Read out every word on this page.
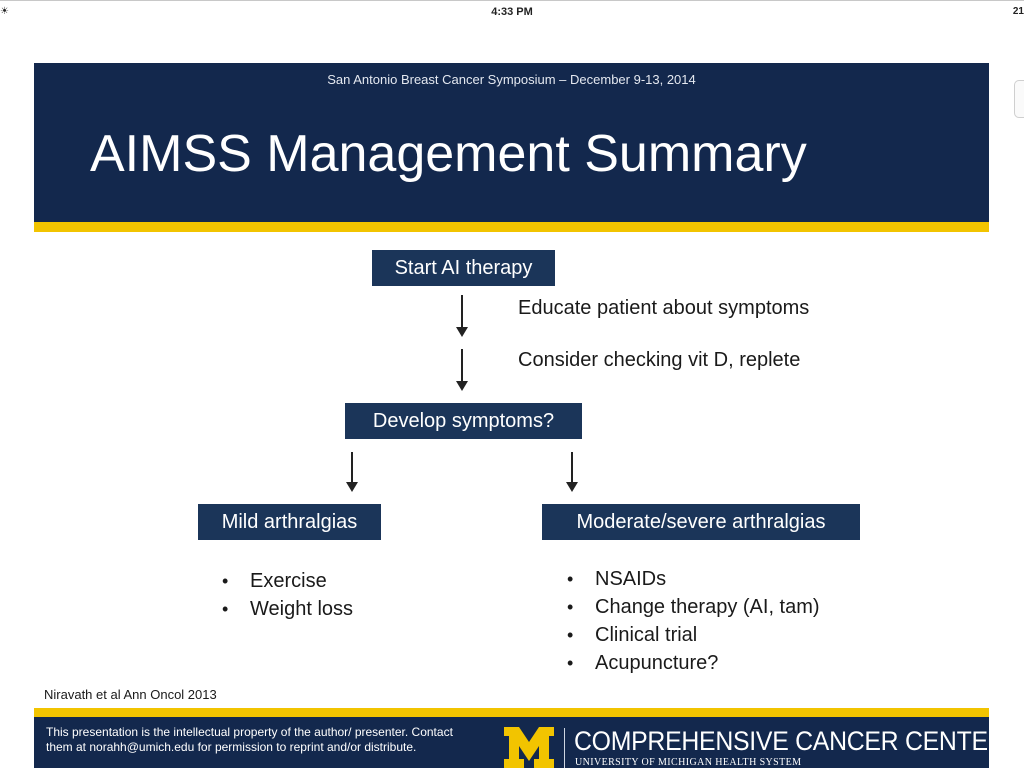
☀	4:33 PM	21
San Antonio Breast Cancer Symposium – December 9-13, 2014
AIMSS Management Summary
Start AI therapy
Educate patient about symptoms
Consider checking vit D, replete
Develop symptoms?
Mild arthralgias	Moderate/severe arthralgias
• Exercise
• Weight loss
• NSAIDs
• Change therapy (AI, tam)
• Clinical trial
• Acupuncture?
Niravath et al Ann Oncol 2013
This presentation is the intellectual property of the author/ presenter. Contact them at norahh@umich.edu for permission to reprint and/or distribute.	COMPREHENSIVE CANCER CENTER
UNIVERSITY OF MICHIGAN HEALTH SYSTEM
